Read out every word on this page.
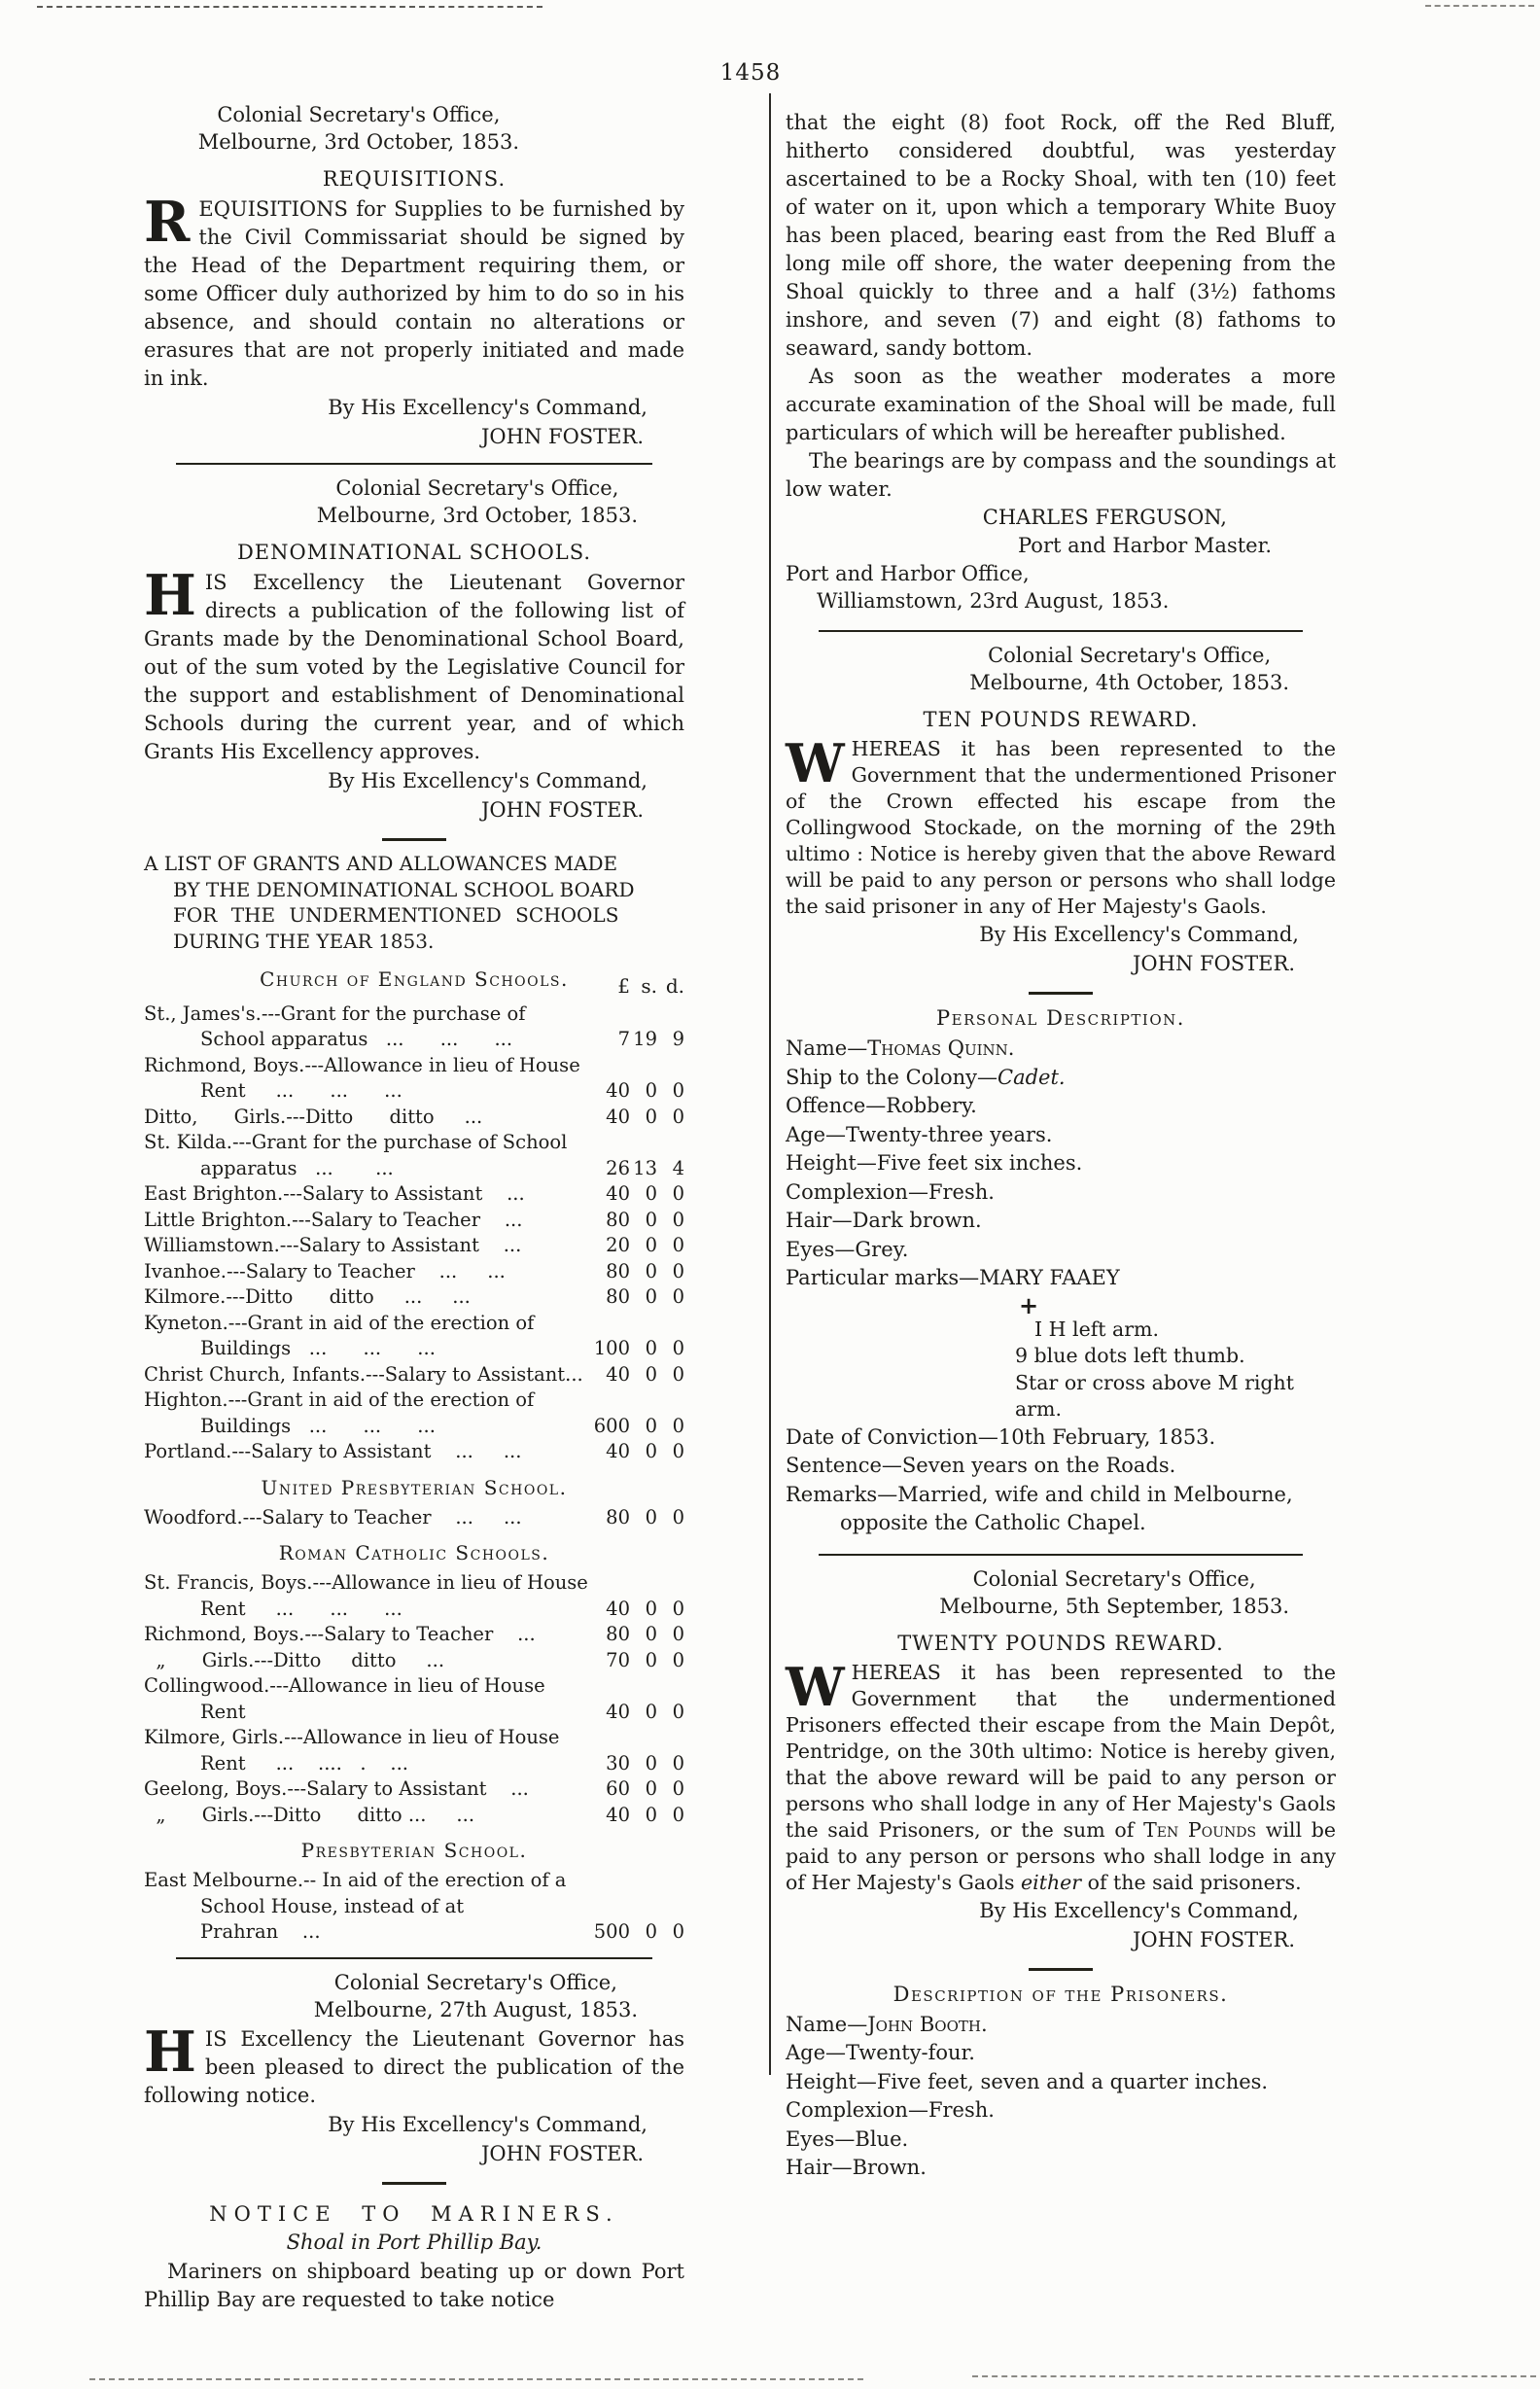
1458
Colonial Secretary's Office,
Melbourne, 3rd October, 1853.
REQUISITIONS.
REQUISITIONS for Supplies to be furnished by the Civil Commissariat should be signed by the Head of the Department requiring them, or some Officer duly authorized by him to do so in his absence, and should contain no alterations or erasures that are not properly initiated and made in ink.
By His Excellency's Command,
JOHN FOSTER.
Colonial Secretary's Office,
Melbourne, 3rd October, 1853.
DENOMINATIONAL SCHOOLS.
HIS Excellency the Lieutenant Governor directs a publication of the following list of Grants made by the Denominational School Board, out of the sum voted by the Legislative Council for the support and establishment of Denominational Schools during the current year, and of which Grants His Excellency approves.
By His Excellency's Command,
JOHN FOSTER.
A LIST OF GRANTS AND ALLOWANCES MADE
BY THE DENOMINATIONAL SCHOOL BOARD
FOR THE UNDERMENTIONED SCHOOLS
DURING THE YEAR 1853.
Church of England Schools.	£ s. d.
St., James's.---Grant for the purchase of School apparatus   ...      ...      ...	7 19 9
Richmond, Boys.---Allowance in lieu of House Rent     ...      ...      ...	40 0 0
Ditto,      Girls.---Ditto      ditto     ...	40 0 0
St. Kilda.---Grant for the purchase of School apparatus   ...       ...	26 13 4
East Brighton.---Salary to Assistant    ...	40 0 0
Little Brighton.---Salary to Teacher    ...	80 0 0
Williamstown.---Salary to Assistant    ...	20 0 0
Ivanhoe.---Salary to Teacher    ...     ...	80 0 0
Kilmore.---Ditto      ditto     ...     ...	80 0 0
Kyneton.---Grant in aid of the erection of Buildings   ...      ...      ...	100 0 0
Christ Church, Infants.---Salary to Assistant...	40 0 0
Highton.---Grant in aid of the erection of Buildings   ...      ...      ...	600 0 0
Portland.---Salary to Assistant    ...     ...	40 0 0
United Presbyterian School.
Woodford.---Salary to Teacher    ...     ...	80 0 0
Roman Catholic Schools.
St. Francis, Boys.---Allowance in lieu of House Rent     ...      ...      ...	40 0 0
Richmond, Boys.---Salary to Teacher    ...	80 0 0
„      Girls.---Ditto     ditto     ...	70 0 0
Collingwood.---Allowance in lieu of House Rent	40 0 0
Kilmore, Girls.---Allowance in lieu of House Rent     ...    ....   .    ...	30 0 0
Geelong, Boys.---Salary to Assistant    ...	60 0 0
„      Girls.---Ditto      ditto ...     ...	40 0 0
Presbyterian School.
East Melbourne.-- In aid of the erection of a School House, instead of at Prahran    ...	500 0 0
Colonial Secretary's Office,
Melbourne, 27th August, 1853.
HIS Excellency the Lieutenant Governor has been pleased to direct the publication of the following notice.
By His Excellency's Command,
JOHN FOSTER.
NOTICE TO MARINERS.
Shoal in Port Phillip Bay.
Mariners on shipboard beating up or down Port Phillip Bay are requested to take notice
that the eight (8) foot Rock, off the Red Bluff, hitherto considered doubtful, was yesterday ascertained to be a Rocky Shoal, with ten (10) feet of water on it, upon which a temporary White Buoy has been placed, bearing east from the Red Bluff a long mile off shore, the water deepening from the Shoal quickly to three and a half (3½) fathoms inshore, and seven (7) and eight (8) fathoms to seaward, sandy bottom.
As soon as the weather moderates a more accurate examination of the Shoal will be made, full particulars of which will be hereafter published.
The bearings are by compass and the soundings at low water.
CHARLES FERGUSON,
Port and Harbor Master.
Port and Harbor Office,
Williamstown, 23rd August, 1853.
Colonial Secretary's Office,
Melbourne, 4th October, 1853.
TEN POUNDS REWARD.
WHEREAS it has been represented to the Government that the undermentioned Prisoner of the Crown effected his escape from the Collingwood Stockade, on the morning of the 29th ultimo : Notice is hereby given that the above Reward will be paid to any person or persons who shall lodge the said prisoner in any of Her Majesty's Gaols.
By His Excellency's Command,
JOHN FOSTER.
Personal Description.
Name—Thomas Quinn.
Ship to the Colony—Cadet.
Offence—Robbery.
Age—Twenty-three years.
Height—Five feet six inches.
Complexion—Fresh.
Hair—Dark brown.
Eyes—Grey.
Particular marks—MARY FAAEY
+
I H left arm.
9 blue dots left thumb.
Star or cross above M right arm.
Date of Conviction—10th February, 1853.
Sentence—Seven years on the Roads.
Remarks—Married, wife and child in Melbourne, opposite the Catholic Chapel.
Colonial Secretary's Office,
Melbourne, 5th September, 1853.
TWENTY POUNDS REWARD.
WHEREAS it has been represented to the Government that the undermentioned Prisoners effected their escape from the Main Depôt, Pentridge, on the 30th ultimo: Notice is hereby given, that the above reward will be paid to any person or persons who shall lodge in any of Her Majesty's Gaols the said Prisoners, or the sum of Ten Pounds will be paid to any person or persons who shall lodge in any of Her Majesty's Gaols either of the said prisoners.
By His Excellency's Command,
JOHN FOSTER.
Description of the Prisoners.
Name—John Booth.
Age—Twenty-four.
Height—Five feet, seven and a quarter inches.
Complexion—Fresh.
Eyes—Blue.
Hair—Brown.
